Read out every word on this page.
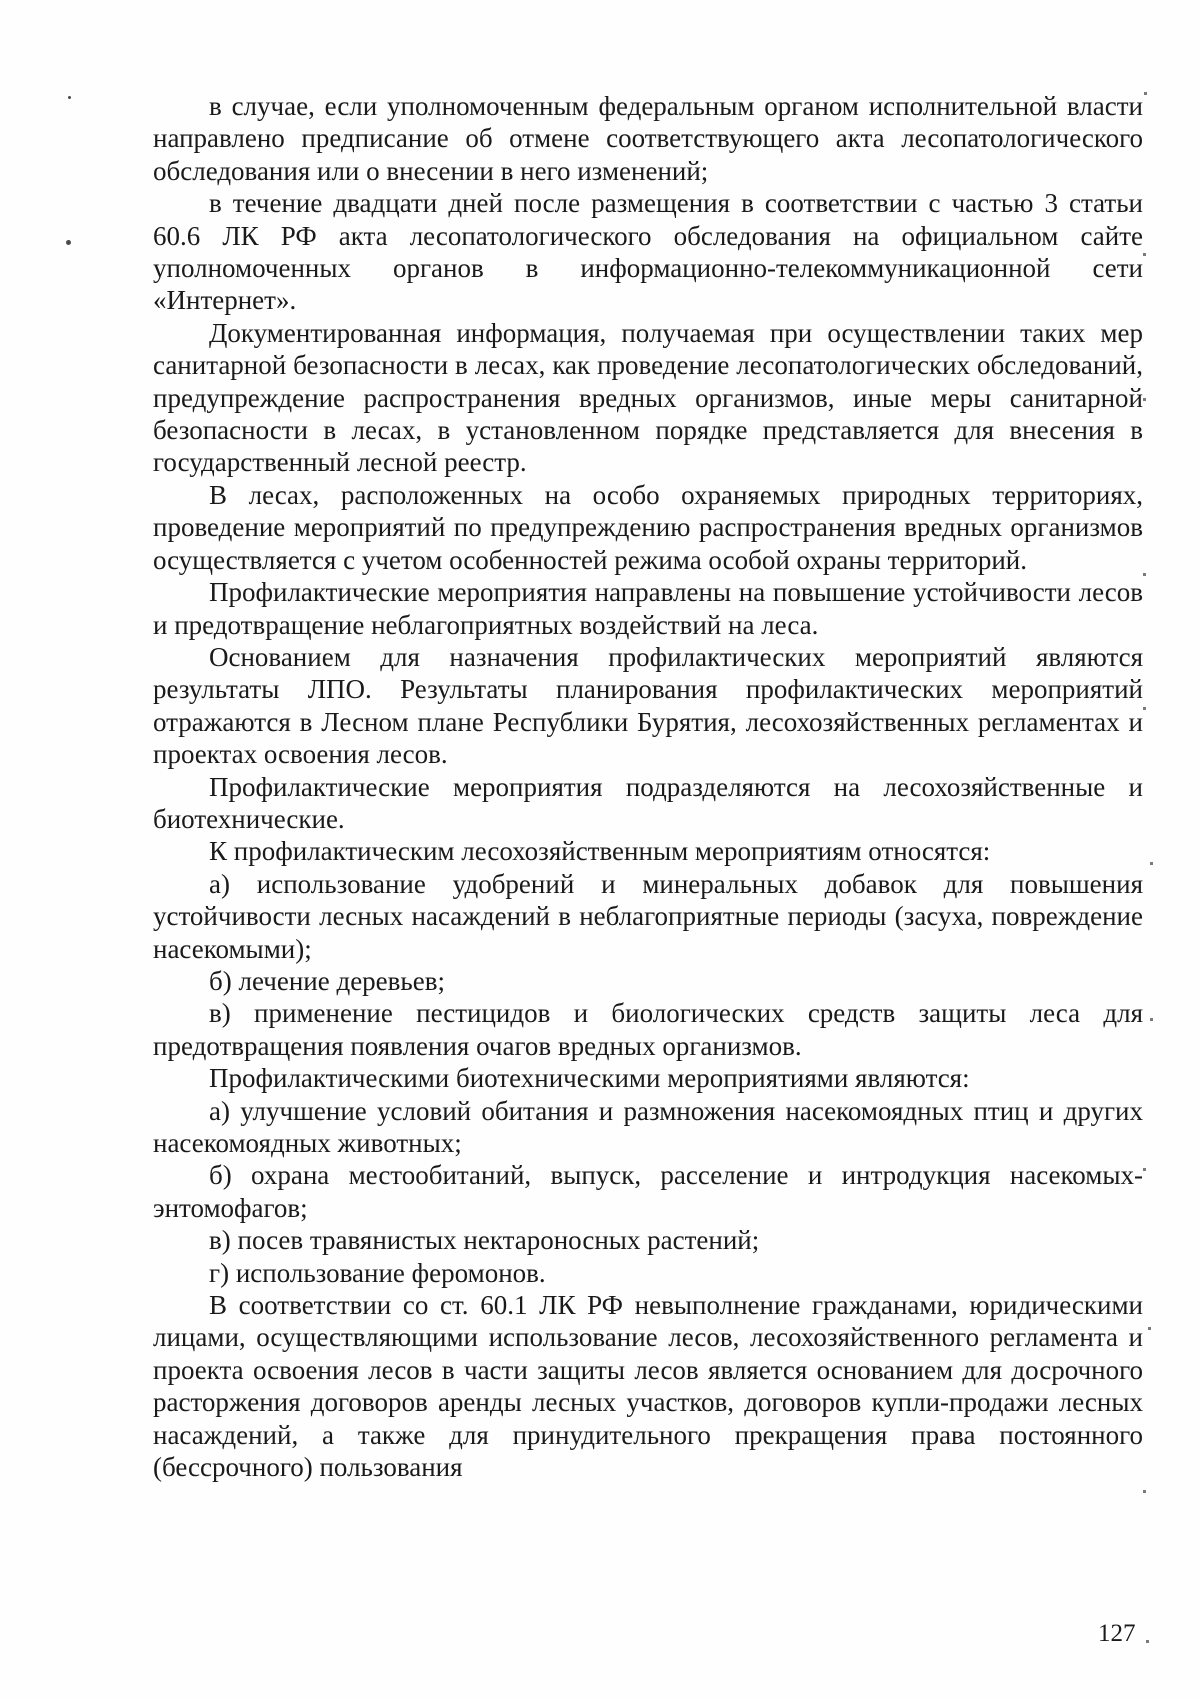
в случае, если уполномоченным федеральным органом исполнительной власти направлено предписание об отмене соответствующего акта лесопатологического обследования или о внесении в него изменений;

в течение двадцати дней после размещения в соответствии с частью 3 статьи 60.6 ЛК РФ акта лесопатологического обследования на официальном сайте уполномоченных органов в информационно-телекоммуникационной сети «Интернет».

Документированная информация, получаемая при осуществлении таких мер санитарной безопасности в лесах, как проведение лесопатологических обследований, предупреждение распространения вредных организмов, иные меры санитарной безопасности в лесах, в установленном порядке представляется для внесения в государственный лесной реестр.

В лесах, расположенных на особо охраняемых природных территориях, проведение мероприятий по предупреждению распространения вредных организмов осуществляется с учетом особенностей режима особой охраны территорий.

Профилактические мероприятия направлены на повышение устойчивости лесов и предотвращение неблагоприятных воздействий на леса.

Основанием для назначения профилактических мероприятий являются результаты ЛПО. Результаты планирования профилактических мероприятий отражаются в Лесном плане Республики Бурятия, лесохозяйственных регламентах и проектах освоения лесов.

Профилактические мероприятия подразделяются на лесохозяйственные и биотехнические.

К профилактическим лесохозяйственным мероприятиям относятся:

а) использование удобрений и минеральных добавок для повышения устойчивости лесных насаждений в неблагоприятные периоды (засуха, повреждение насекомыми);

б) лечение деревьев;

в) применение пестицидов и биологических средств защиты леса для предотвращения появления очагов вредных организмов.

Профилактическими биотехническими мероприятиями являются:

а) улучшение условий обитания и размножения насекомоядных птиц и других насекомоядных животных;

б) охрана местообитаний, выпуск, расселение и интродукция насекомых-энтомофагов;

в) посев травянистых нектароносных растений;

г) использование феромонов.

В соответствии со ст. 60.1 ЛК РФ невыполнение гражданами, юридическими лицами, осуществляющими использование лесов, лесохозяйственного регламента и проекта освоения лесов в части защиты лесов является основанием для досрочного расторжения договоров аренды лесных участков, договоров купли-продажи лесных насаждений, а также для принудительного прекращения права постоянного (бессрочного) пользования

127
